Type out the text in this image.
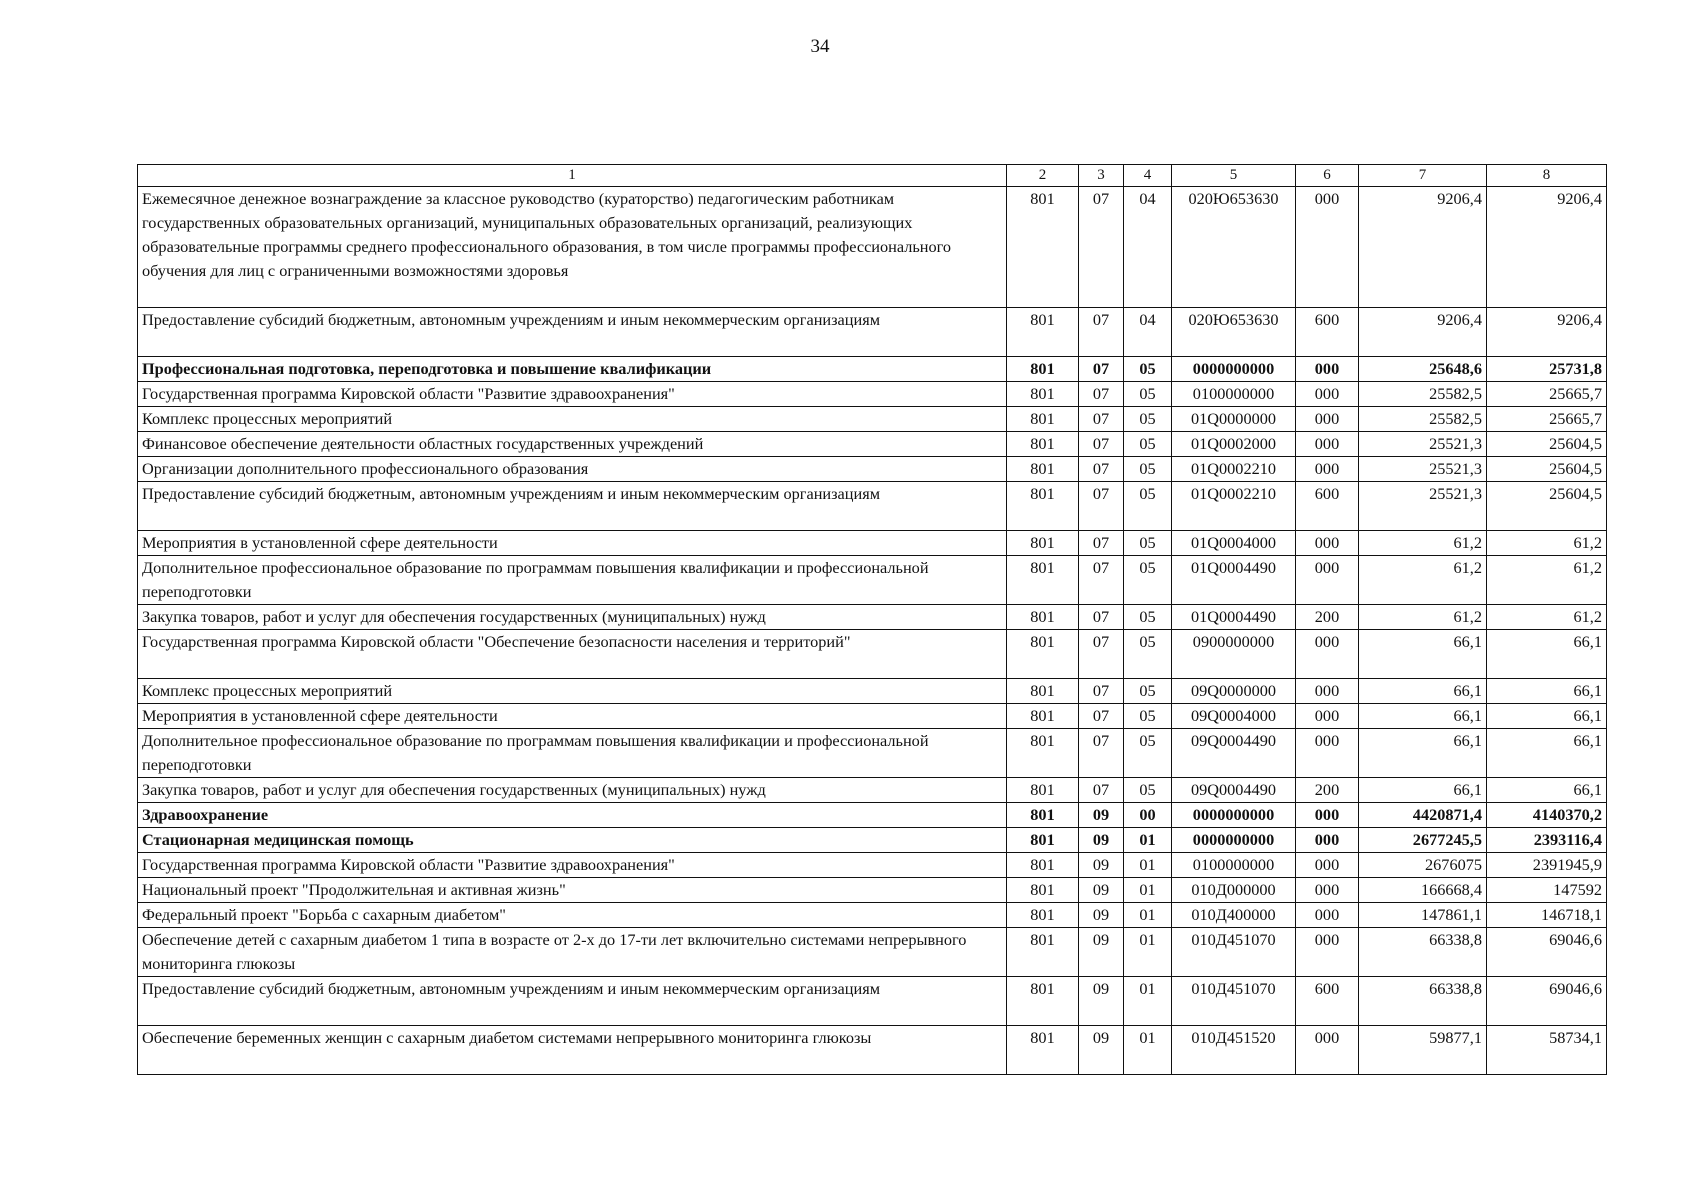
34
1	2	3	4	5	6	7	8
Ежемесячное денежное вознаграждение за классное руководство (кураторство) педагогическим работникам государственных образовательных организаций, муниципальных образовательных организаций, реализующих образовательные программы среднего профессионального образования, в том числе программы профессионального обучения для лиц с ограниченными возможностями здоровья	801	07	04	020Ю653630	000	9206,4	9206,4
Предоставление субсидий бюджетным, автономным учреждениям и иным некоммерческим организациям	801	07	04	020Ю653630	600	9206,4	9206,4
Профессиональная подготовка, переподготовка и повышение квалификации	801	07	05	0000000000	000	25648,6	25731,8
Государственная программа Кировской области "Развитие здравоохранения"	801	07	05	0100000000	000	25582,5	25665,7
Комплекс процессных мероприятий	801	07	05	01Q0000000	000	25582,5	25665,7
Финансовое обеспечение деятельности областных государственных учреждений	801	07	05	01Q0002000	000	25521,3	25604,5
Организации дополнительного профессионального образования	801	07	05	01Q0002210	000	25521,3	25604,5
Предоставление субсидий бюджетным, автономным учреждениям и иным некоммерческим организациям	801	07	05	01Q0002210	600	25521,3	25604,5
Мероприятия в установленной сфере деятельности	801	07	05	01Q0004000	000	61,2	61,2
Дополнительное профессиональное образование по программам повышения квалификации и профессиональной переподготовки	801	07	05	01Q0004490	000	61,2	61,2
Закупка товаров, работ и услуг для обеспечения государственных (муниципальных) нужд	801	07	05	01Q0004490	200	61,2	61,2
Государственная программа Кировской области "Обеспечение безопасности населения и территорий"	801	07	05	0900000000	000	66,1	66,1
Комплекс процессных мероприятий	801	07	05	09Q0000000	000	66,1	66,1
Мероприятия в установленной сфере деятельности	801	07	05	09Q0004000	000	66,1	66,1
Дополнительное профессиональное образование по программам повышения квалификации и профессиональной переподготовки	801	07	05	09Q0004490	000	66,1	66,1
Закупка товаров, работ и услуг для обеспечения государственных (муниципальных) нужд	801	07	05	09Q0004490	200	66,1	66,1
Здравоохранение	801	09	00	0000000000	000	4420871,4	4140370,2
Стационарная медицинская помощь	801	09	01	0000000000	000	2677245,5	2393116,4
Государственная программа Кировской области "Развитие здравоохранения"	801	09	01	0100000000	000	2676075	2391945,9
Национальный проект "Продолжительная и активная жизнь"	801	09	01	010Д000000	000	166668,4	147592
Федеральный проект "Борьба с сахарным диабетом"	801	09	01	010Д400000	000	147861,1	146718,1
Обеспечение детей с сахарным диабетом 1 типа в возрасте от 2-х до 17-ти лет включительно системами непрерывного мониторинга глюкозы	801	09	01	010Д451070	000	66338,8	69046,6
Предоставление субсидий бюджетным, автономным учреждениям и иным некоммерческим организациям	801	09	01	010Д451070	600	66338,8	69046,6
Обеспечение беременных женщин с сахарным диабетом системами непрерывного мониторинга глюкозы	801	09	01	010Д451520	000	59877,1	58734,1
